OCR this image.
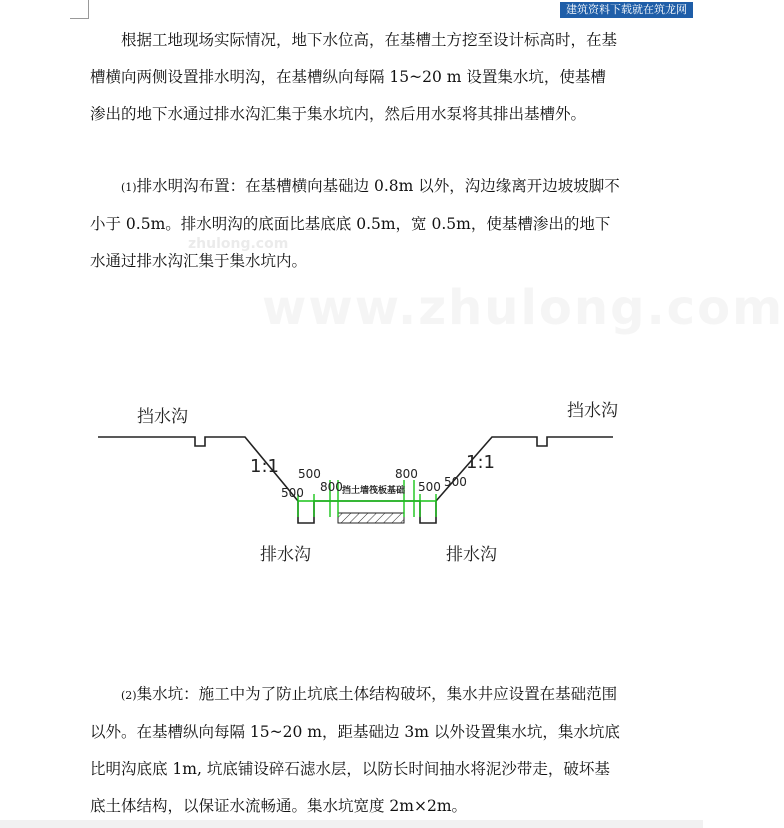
建筑资料下载就在筑龙网
zhulong.com
www.zhulong.com

根据工地现场实际情况，地下水位高，在基槽土方挖至设计标高时，在基槽横向两侧设置排水明沟，在基槽纵向每隔 15~20 m 设置集水坑，使基槽渗出的地下水通过排水沟汇集于集水坑内，然后用水泵将其排出基槽外。

(1)排水明沟布置：在基槽横向基础边 0.8m 以外，沟边缘离开边坡坡脚不小于 0.5m。排水明沟的底面比基底底 0.5m，宽 0.5m，使基槽渗出的地下水通过排水沟汇集于集水坑内。

挡水沟	挡水沟
1:1	1:1
500
800
500
800
500 500
挡土墙筏板基础
排水沟	排水沟

(2)集水坑：施工中为了防止坑底土体结构破坏，集水井应设置在基础范围以外。在基槽纵向每隔 15~20 m，距基础边 3m 以外设置集水坑，集水坑底比明沟底底 1m, 坑底铺设碎石滤水层，以防长时间抽水将泥沙带走，破坏基底土体结构，以保证水流畅通。集水坑宽度 2m×2m。
